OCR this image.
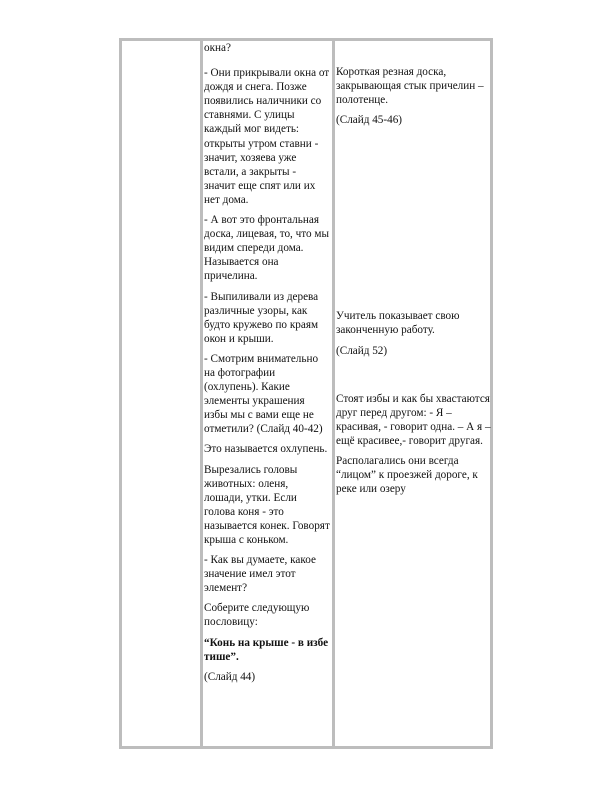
окна?

- Они прикрывали окна от дождя и снега. Позже появились наличники со ставнями. С улицы каждый мог видеть: открыты утром ставни - значит, хозяева уже встали, а закрыты - значит еще спят или их нет дома.

- А вот это фронтальная доска, лицевая, то, что мы видим спереди дома. Называется она причелина.

- Выпиливали из дерева различные узоры, как будто кружево по краям окон и крыши.

- Смотрим внимательно на фотографии (охлупень). Какие элементы украшения избы мы с вами еще не отметили? (Слайд 40-42)

Это называется охлупень.

Вырезались головы животных: оленя, лошади, утки. Если голова коня - это называется конек. Говорят крыша с коньком.

- Как вы думаете, какое значение имел этот элемент?

Соберите следующую пословицу:

“Конь на крыше - в избе тише”.

(Слайд 44)

Короткая резная доска, закрывающая стык причелин – полотенце.

(Слайд 45-46)

Учитель показывает свою законченную работу.

(Слайд 52)

Стоят избы и как бы хвастаются друг перед другом: - Я – красивая, - говорит одна. – А я – ещё красивее,- говорит другая.

Располагались они всегда “лицом” к проезжей дороге, к реке или озеру
